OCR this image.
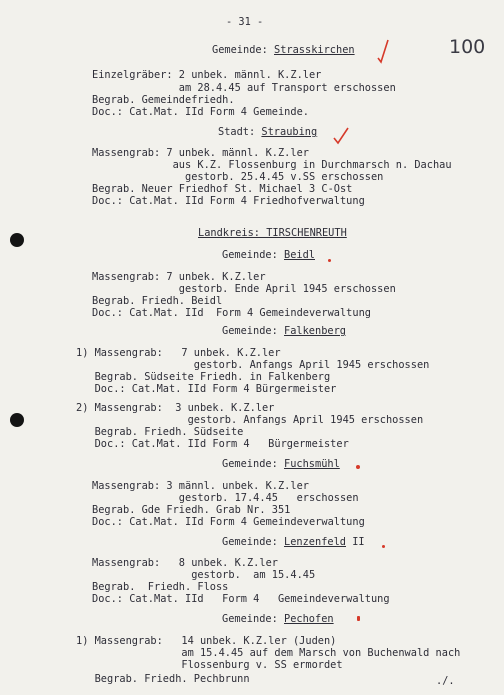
- 31 -
100
Gemeinde: Strasskirchen
Einzelgräber: 2 unbek. männl. K.Z.ler
am 28.4.45 auf Transport erschossen
Begrab. Gemeindefriedh.
Doc.: Cat.Mat. IId Form 4 Gemeinde.
Stadt: Straubing
Massengrab: 7 unbek. männl. K.Z.ler
aus K.Z. Flossenburg in Durchmarsch n. Dachau
gestorb. 25.4.45 v.SS erschossen
Begrab. Neuer Friedhof St. Michael 3 C-Ost
Doc.: Cat.Mat. IId Form 4 Friedhofverwaltung
Landkreis: TIRSCHENREUTH
Gemeinde: Beidl
Massengrab: 7 unbek. K.Z.ler
gestorb. Ende April 1945 erschossen
Begrab. Friedh. Beidl
Doc.: Cat.Mat. IId  Form 4 Gemeindeverwaltung
Gemeinde: Falkenberg
1) Massengrab:   7 unbek. K.Z.ler
gestorb. Anfangs April 1945 erschossen
Begrab. Südseite Friedh. in Falkenberg
Doc.: Cat.Mat. IId Form 4 Bürgermeister
2) Massengrab:  3 unbek. K.Z.ler
gestorb. Anfangs April 1945 erschossen
Begrab. Friedh. Südseite
Doc.: Cat.Mat. IId Form 4   Bürgermeister
Gemeinde: Fuchsmühl
Massengrab: 3 männl. unbek. K.Z.ler
gestorb. 17.4.45   erschossen
Begrab. Gde Friedh. Grab Nr. 351
Doc.: Cat.Mat. IId Form 4 Gemeindeverwaltung
Gemeinde: Lenzenfeld II
Massengrab:   8 unbek. K.Z.ler
gestorb.  am 15.4.45
Begrab.  Friedh. Floss
Doc.: Cat.Mat. IId   Form 4   Gemeindeverwaltung
Gemeinde: Pechofen
1) Massengrab:   14 unbek. K.Z.ler (Juden)
am 15.4.45 auf dem Marsch von Buchenwald nach
Flossenburg v. SS ermordet
Begrab. Friedh. Pechbrunn	./.
